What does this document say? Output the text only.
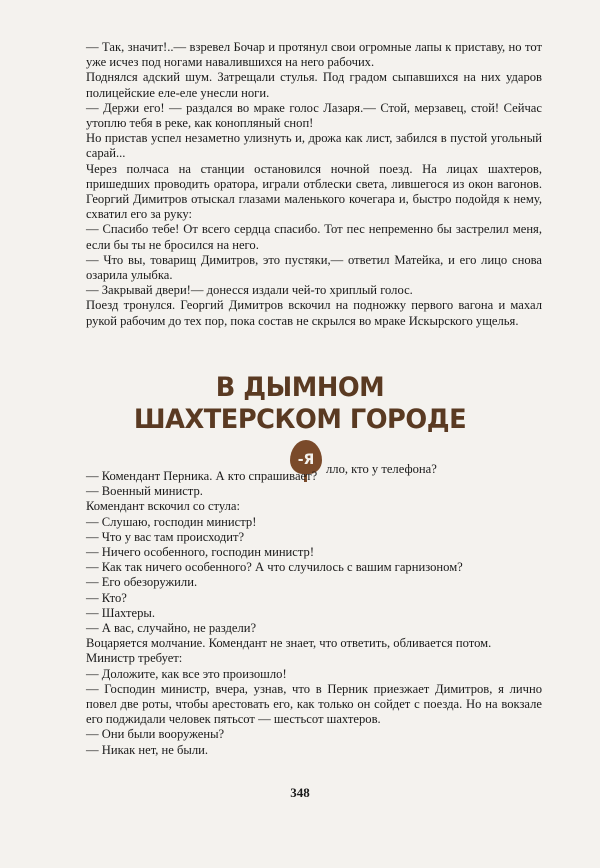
— Так, значит!..— взревел Бочар и протянул свои огромные лапы к приставу, но тот уже исчез под ногами навалившихся на него рабочих.

Поднялся адский шум. Затрещали стулья. Под градом сыпавшихся на них ударов полицейские еле-еле унесли ноги.

— Держи его! — раздался во мраке голос Лазаря.— Стой, мерзавец, стой! Сейчас утоплю тебя в реке, как конопляный сноп!

Но пристав успел незаметно улизнуть и, дрожа как лист, забился в пустой угольный сарай...

Через полчаса на станции остановился ночной поезд. На лицах шахтеров, пришедших проводить оратора, играли отблески света, лившегося из окон вагонов. Георгий Димитров отыскал глазами маленького кочегара и, быстро подойдя к нему, схватил его за руку:

— Спасибо тебе! От всего сердца спасибо. Тот пес непременно бы застрелил меня, если бы ты не бросился на него.

— Что вы, товарищ Димитров, это пустяки,— ответил Матейка, и его лицо снова озарила улыбка.

— Закрывай двери!— донесся издали чей-то хриплый голос.

Поезд тронулся. Георгий Димитров вскочил на подножку первого вагона и махал рукой рабочим до тех пор, пока состав не скрылся во мраке Искырского ущелья.

В ДЫМНОМ
ШАХТЕРСКОМ ГОРОДЕ
-Я
лло, кто у телефона?

— Комендант Перника. А кто спрашивает?

— Военный министр.

Комендант вскочил со стула:

— Слушаю, господин министр!

— Что у вас там происходит?

— Ничего особенного, господин министр!

— Как так ничего особенного? А что случилось с вашим гарнизоном?

— Его обезоружили.

— Кто?

— Шахтеры.

— А вас, случайно, не раздели?

Воцаряется молчание. Комендант не знает, что ответить, обливается потом.

Министр требует:

— Доложите, как все это произошло!

— Господин министр, вчера, узнав, что в Перник приезжает Димитров, я лично повел две роты, чтобы арестовать его, как только он сойдет с поезда. Но на вокзале его поджидали человек пятьсот — шестьсот шахтеров.

— Они были вооружены?

— Никак нет, не были.

348
